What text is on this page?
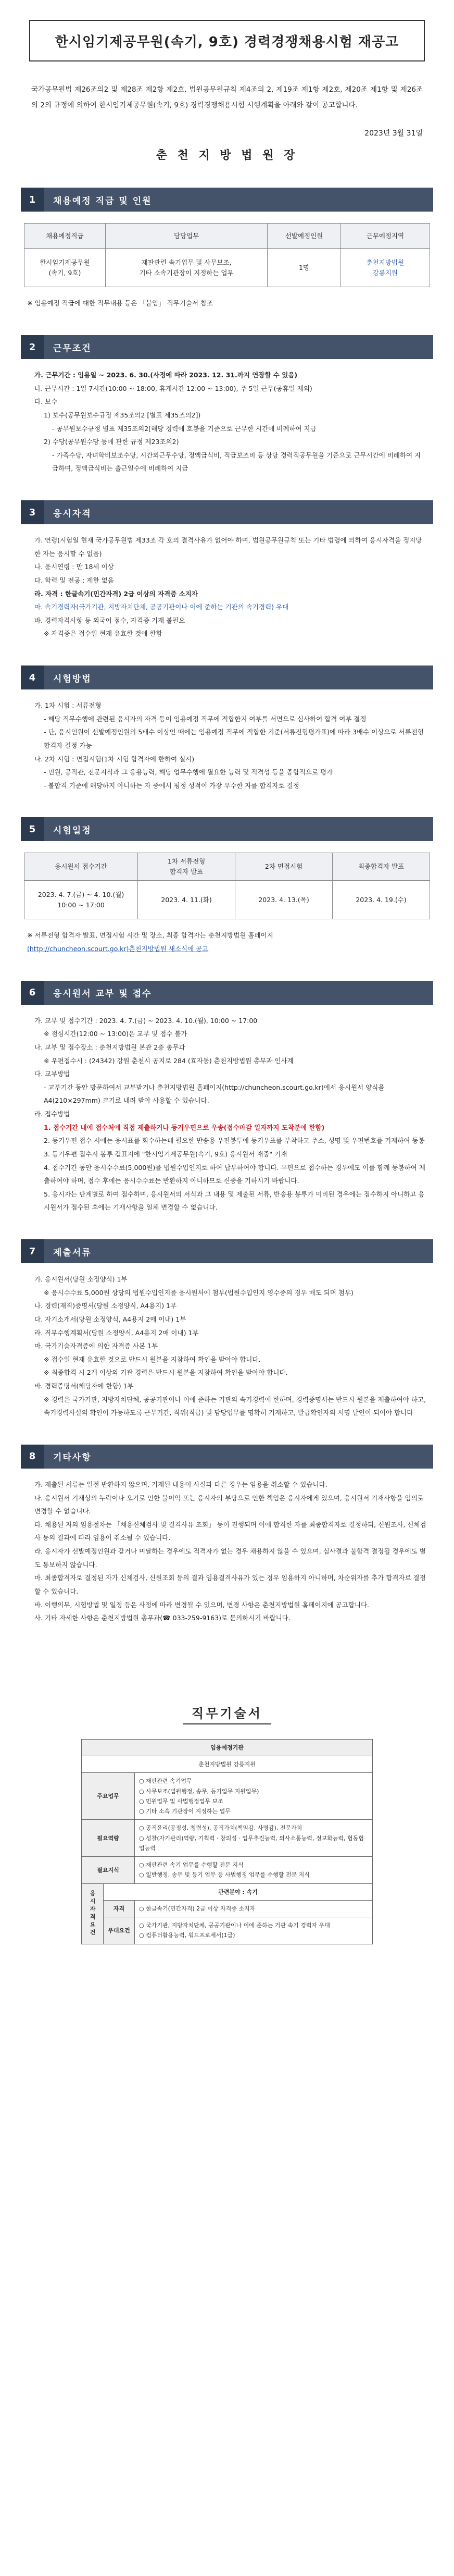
한시임기제공무원(속기, 9호) 경력경쟁채용시험 재공고

국가공무원법 제26조의2 및 제28조 제2항 제2호, 법원공무원규칙 제4조의 2, 제19조 제1항 제2호, 제20조 제1항 및 제26조의 2의 규정에 의하여 한시임기제공무원(속기, 9호) 경력경쟁채용시험 시행계획을 아래와 같이 공고합니다.

2023년 3월 31일

춘 천 지 방 법 원 장

1	채용예정 직급 및 인원
채용예정직급	담당업무	선발예정인원	근무예정지역
한시임기제공무원
(속기, 9호)	재판관련 속기업무 및 사무보조,
기타 소속기관장이 지정하는 업무	1명	춘천지방법원
강릉지원

※ 임용예정 직급에 대한 직무내용 등은 「붙임」 직무기술서 참조

2	근무조건

가. 근무기간 : 임용일 ~ 2023. 6. 30.(사정에 따라 2023. 12. 31.까지 연장할 수 있음)

나. 근무시간 : 1일 7시간(10:00 ~ 18:00, 휴게시간 12:00 ~ 13:00), 주 5일 근무(공휴일 제외)

다. 보수

1) 보수(공무원보수규정 제35조의2 [별표 제35조의2])

- 공무원보수규정 별표 제35조의2[해당 경력에 호봉을 기준으로 근무한 시간에 비례하여 지급

2) 수당(공무원수당 등에 관한 규정 제23조의2)

- 가족수당, 자녀학비보조수당, 시간외근무수당, 정액급식비, 직급보조비 등 상당 경력직공무원을 기준으로 근무시간에 비례하여 지급하며, 정액급식비는 출근일수에 비례하여 지급

3	응시자격

가. 연령(시험일 현재 국가공무원법 제33조 각 호의 결격사유가 없어야 하며, 법원공무원규칙 또는 기타 법령에 의하여 응시자격을 정지당한 자는 응시할 수 없음)

나. 응시연령 : 만 18세 이상

다. 학력 및 전공 : 제한 없음

라. 자격 : 한글속기(민간자격) 2급 이상의 자격증 소지자

마. 속기경력자(국가기관, 지방자치단체, 공공기관이나 이에 준하는 기관의 속기경력) 우대

바. 경력자격사항 등 외국어 점수, 자격증 기재 불필요

※ 자격증은 접수일 현재 유효한 것에 한함

4	시험방법

가. 1차 시험 : 서류전형

- 해당 직무수행에 관련된 응시자의 자격 등이 임용예정 직무에 적합한지 여부를 서면으로 심사하여 합격 여부 결정

- 단, 응시인원이 선발예정인원의 5배수 이상인 때에는 임용예정 직무에 적합한 기준(서류전형평가표)에 따라 3배수 이상으로 서류전형 합격자 결정 가능

나. 2차 시험 : 면접시험(1차 시험 합격자에 한하여 실시)

- 민원, 공직관, 전문지식과 그 응용능력, 해당 업무수행에 필요한 능력 및 적격성 등을 종합적으로 평가

- 불합격 기준에 해당하지 아니하는 자 중에서 평정 성적이 가장 우수한 자를 합격자로 결정

5	시험일정
응시원서 접수기간	1차 서류전형
합격자 발표	2차 면접시험	최종합격자 발표
2023. 4. 7.(금) ~ 4. 10.(월)
10:00 ~ 17:00	2023. 4. 11.(화)	2023. 4. 13.(목)	2023. 4. 19.(수)

※ 서류전형 합격자 발표, 면접시험 시간 및 장소, 최종 합격자는 춘천지방법원 홈페이지

(http://chuncheon.scourt.go.kr)춘천지방법원 새소식에 공고

6	응시원서 교부 및 접수

가. 교부 및 접수기간 : 2023. 4. 7.(금) ~ 2023. 4. 10.(월), 10:00 ~ 17:00

※ 점심시간(12:00 ~ 13:00)은 교부 및 접수 불가

나. 교부 및 접수장소 : 춘천지방법원 본관 2층 총무과

※ 우편접수시 : (24342) 강원 춘천시 공지로 284 (효자동) 춘천지방법원 총무과 인사계

다. 교부방법

- 교부기간 동안 방문하여서 교부받거나 춘천지방법원 홈페이지(http://chuncheon.scourt.go.kr)에서 응시원서 양식을 A4(210×297mm) 크기로 내려 받아 사용할 수 있습니다.

라. 접수방법

1. 접수기간 내에 접수처에 직접 제출하거나 등기우편으로 우송(접수마감 일자까지 도착분에 한함)

2. 등기우편 접수 시에는 응시표를 회수하는데 필요한 반송용 우편봉투에 등기우표를 부착하고 주소, 성명 및 우편번호를 기재하여 동봉

3. 등기우편 접수시 봉투 겉표지에 "한시임기제공무원(속기, 9호) 응시원서 재중" 기재

4. 접수기간 동안 응시수수료(5,000원)를 법원수입인지로 하여 납부하여야 합니다. 우편으로 접수하는 경우에도 이를 함께 동봉하여 제출하여야 하며, 접수 후에는 응시수수료는 반환하지 아니하므로 신중을 기하시기 바랍니다.

5. 응시자는 단계별로 하여 접수하며, 응시원서의 서식과 그 내용 및 제출된 서류, 반송용 봉투가 미비된 경우에는 접수하지 아니하고 응시원서가 접수된 후에는 기재사항을 일체 변경할 수 없습니다.

7	제출서류

가. 응시원서(당원 소정양식) 1부

※ 응시수수료 5,000원 상당의 법원수입인지를 응시원서에 첨부(법원수입인지 영수증의 경우 매도 되며 첨부)

나. 경력(재직)증명서(당원 소정양식, A4용지) 1부

다. 자기소개서(당원 소정양식, A4용지 2매 이내) 1부

라. 직무수행계획서(당원 소정양식, A4용지 2매 이내) 1부

마. 국가기술자격증에 의한 자격증 사본 1부

※ 접수일 현재 유효한 것으로 반드시 원본을 지참하여 확인을 받아야 합니다.

※ 최종합격 시 2개 이상의 기관 경력은 반드시 원본을 지참하여 확인을 받아야 합니다.

바. 경력증명서(해당자에 한함) 1부

※ 경력은 국가기관, 지방자치단체, 공공기관이나 이에 준하는 기관의 속기경력에 한하며, 경력증명서는 반드시 원본을 제출하여야 하고, 속기경력사실의 확인이 가능하도록 근무기간, 직위(직급) 및 담당업무를 명확히 기재하고, 발급확인자의 서명 날인이 되어야 합니다

8	기타사항

가. 제출된 서류는 일절 반환하지 않으며, 기재된 내용이 사실과 다른 경우는 임용을 취소할 수 있습니다.

나. 응시원서 기재상의 누락이나 오기로 인한 불이익 또는 응시자의 부당으로 인한 책임은 응시자에게 있으며, 응시원서 기재사항을 임의로 변경할 수 없습니다.

다. 채용된 자의 임용절차는 「채용신체검사 및 결격사유 조회」 등이 진행되며 이에 합격한 자를 최종합격자로 결정하되, 신원조사, 신체검사 등의 결과에 따라 임용이 취소될 수 있습니다.

라. 응시자가 선발예정인원과 같거나 미달하는 경우에도 적격자가 없는 경우 채용하지 않을 수 있으며, 심사결과 불합격 결정될 경우에도 별도 통보하지 않습니다.

마. 최종합격자로 결정된 자가 신체검사, 신원조회 등의 결과 임용결격사유가 있는 경우 임용하지 아니하며, 차순위자를 추가 합격자로 결정할 수 있습니다.

바. 이행의무, 시험방법 및 일정 등은 사정에 따라 변경될 수 있으며, 변경 사항은 춘천지방법원 홈페이지에 공고합니다.

사. 기타 자세한 사항은 춘천지방법원 총무과(☎ 033-259-9163)로 문의하시기 바랍니다.

직무기술서
임용예정기관		
춘천지방법원 강릉지원		
주요업무		○ 재판관련 속기업무
○ 사무보조(법원행정, 송무, 등기업무 지원업무)
○ 민원업무 및 사법행정업무 보조
○ 기타 소속 기관장이 지정하는 업무
필요역량		○ 공직윤리(공정성, 청렴성), 공직가치(책임감, 사명감), 전문가치
○ 성찰(자기관리)역량, 기획력 · 창의성 · 업무추진능력, 의사소통능력, 정보화능력, 협동협업능력
필요지식		○ 재판관련 속기 업무를 수행할 전문 지식
○ 일반행정, 송무 및 등기 업무 등 사법행정 업무를 수행할 전문 지식
응시자격요건	관련분야 : 속기	
	자격	○ 한글속기(민간자격) 2급 이상 자격증 소지자
	우대요건	○ 국가기관, 지방자치단체, 공공기관이나 이에 준하는 기관 속기 경력자 우대
○ 컴퓨터활용능력, 워드프로세서(1급)
